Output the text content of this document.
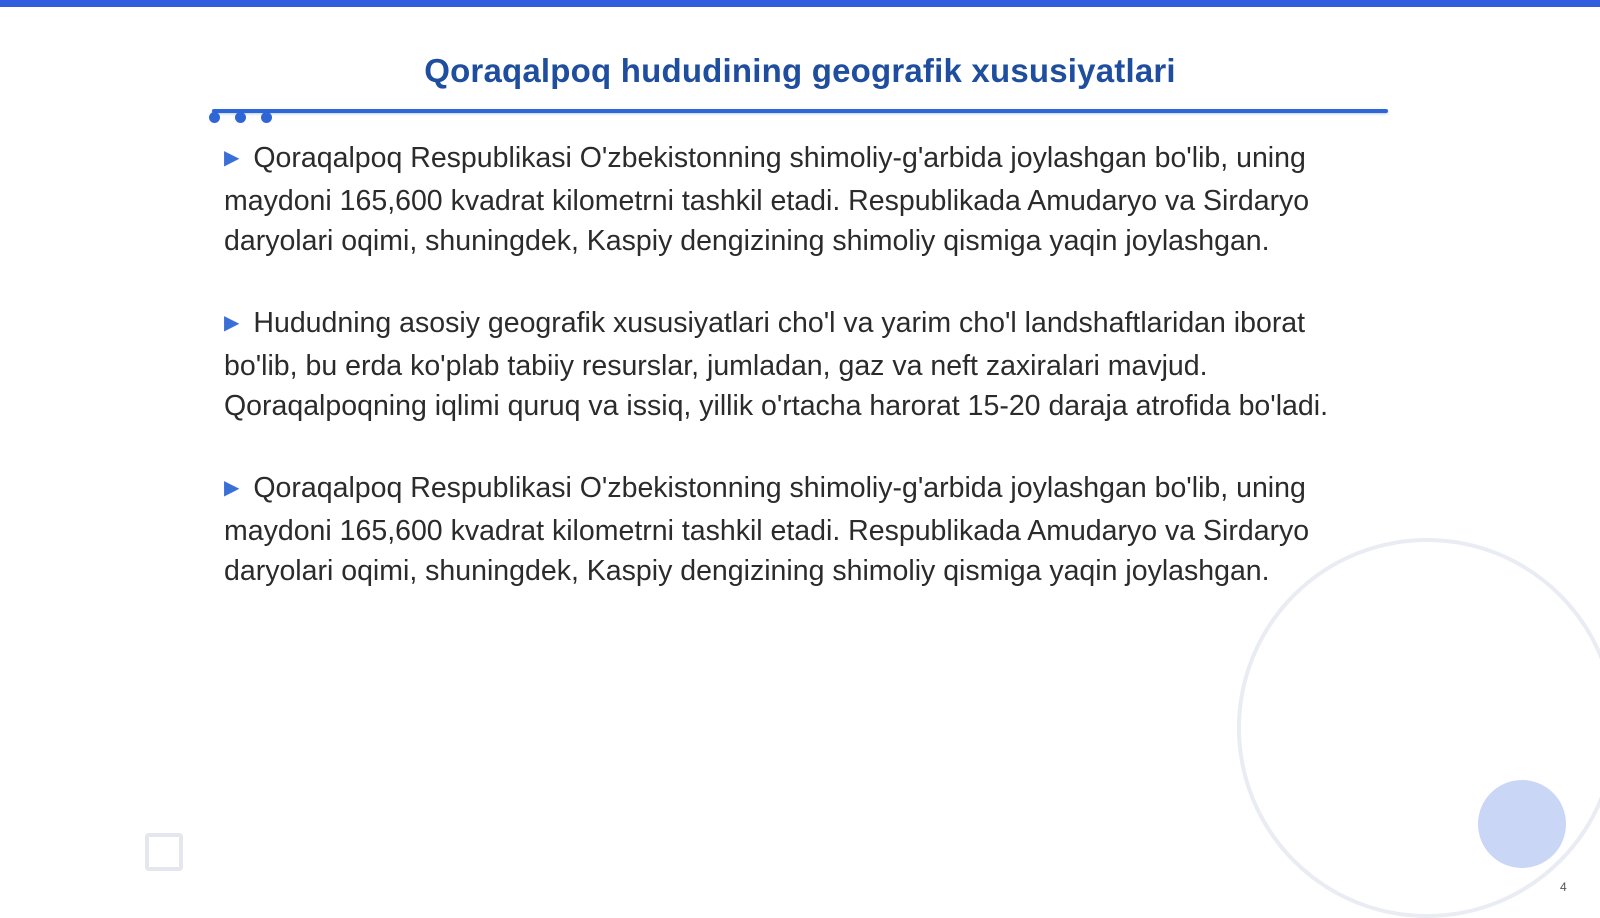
Qoraqalpoq hududining geografik xususiyatlari

▶ Qoraqalpoq Respublikasi O'zbekistonning shimoliy-g'arbida joylashgan bo'lib, uning maydoni 165,600 kvadrat kilometrni tashkil etadi. Respublikada Amudaryo va Sirdaryo daryolari oqimi, shuningdek, Kaspiy dengizining shimoliy qismiga yaqin joylashgan.

▶ Hududning asosiy geografik xususiyatlari cho'l va yarim cho'l landshaftlaridan iborat bo'lib, bu erda ko'plab tabiiy resurslar, jumladan, gaz va neft zaxiralari mavjud. Qoraqalpoqning iqlimi quruq va issiq, yillik o'rtacha harorat 15-20 daraja atrofida bo'ladi.

▶ Qoraqalpoq Respublikasi O'zbekistonning shimoliy-g'arbida joylashgan bo'lib, uning maydoni 165,600 kvadrat kilometrni tashkil etadi. Respublikada Amudaryo va Sirdaryo daryolari oqimi, shuningdek, Kaspiy dengizining shimoliy qismiga yaqin joylashgan.

4
